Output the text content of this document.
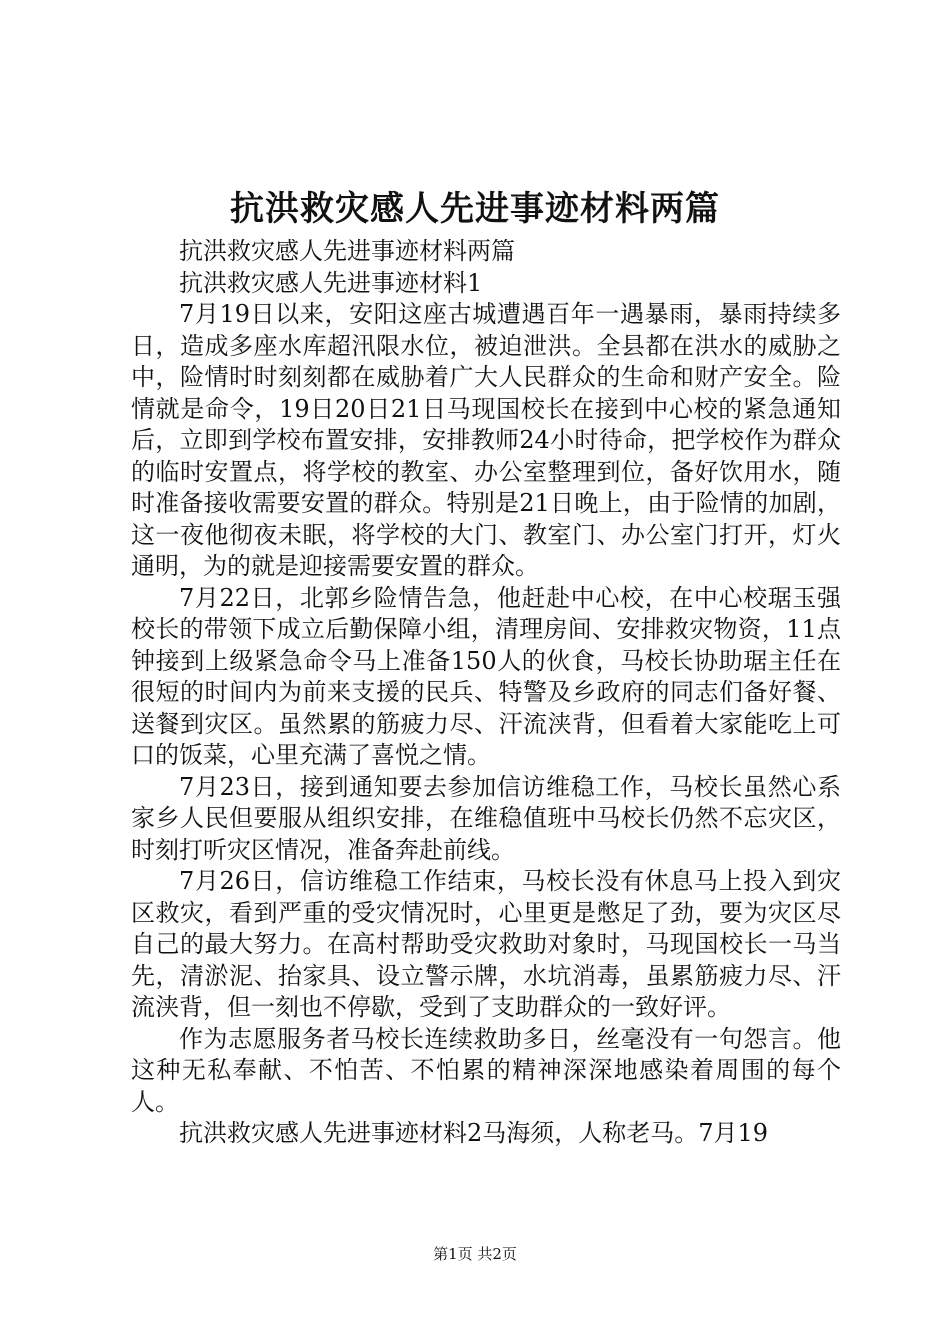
抗洪救灾感人先进事迹材料两篇

抗洪救灾感人先进事迹材料两篇

抗洪救灾感人先进事迹材料1

7月19日以来，安阳这座古城遭遇百年一遇暴雨，暴雨持续多日，造成多座水库超汛限水位，被迫泄洪。全县都在洪水的威胁之中，险情时时刻刻都在威胁着广大人民群众的生命和财产安全。险情就是命令，19日20日21日马现国校长在接到中心校的紧急通知后，立即到学校布置安排，安排教师24小时待命，把学校作为群众的临时安置点，将学校的教室、办公室整理到位，备好饮用水，随时准备接收需要安置的群众。特别是21日晚上，由于险情的加剧，这一夜他彻夜未眠，将学校的大门、教室门、办公室门打开，灯火通明，为的就是迎接需要安置的群众。

7月22日，北郭乡险情告急，他赶赴中心校，在中心校琚玉强校长的带领下成立后勤保障小组，清理房间、安排救灾物资，11点钟接到上级紧急命令马上准备150人的伙食，马校长协助琚主任在很短的时间内为前来支援的民兵、特警及乡政府的同志们备好餐、送餐到灾区。虽然累的筋疲力尽、汗流浃背，但看着大家能吃上可口的饭菜，心里充满了喜悦之情。

7月23日，接到通知要去参加信访维稳工作，马校长虽然心系家乡人民但要服从组织安排，在维稳值班中马校长仍然不忘灾区，时刻打听灾区情况，准备奔赴前线。

7月26日，信访维稳工作结束，马校长没有休息马上投入到灾区救灾，看到严重的受灾情况时，心里更是憋足了劲，要为灾区尽自己的最大努力。在高村帮助受灾救助对象时，马现国校长一马当先，清淤泥、抬家具、设立警示牌，水坑消毒，虽累筋疲力尽、汗流浃背，但一刻也不停歇，受到了支助群众的一致好评。

作为志愿服务者马校长连续救助多日，丝毫没有一句怨言。他这种无私奉献、不怕苦、不怕累的精神深深地感染着周围的每个人。

抗洪救灾感人先进事迹材料2马海须，人称老马。7月19

第1页 共2页
